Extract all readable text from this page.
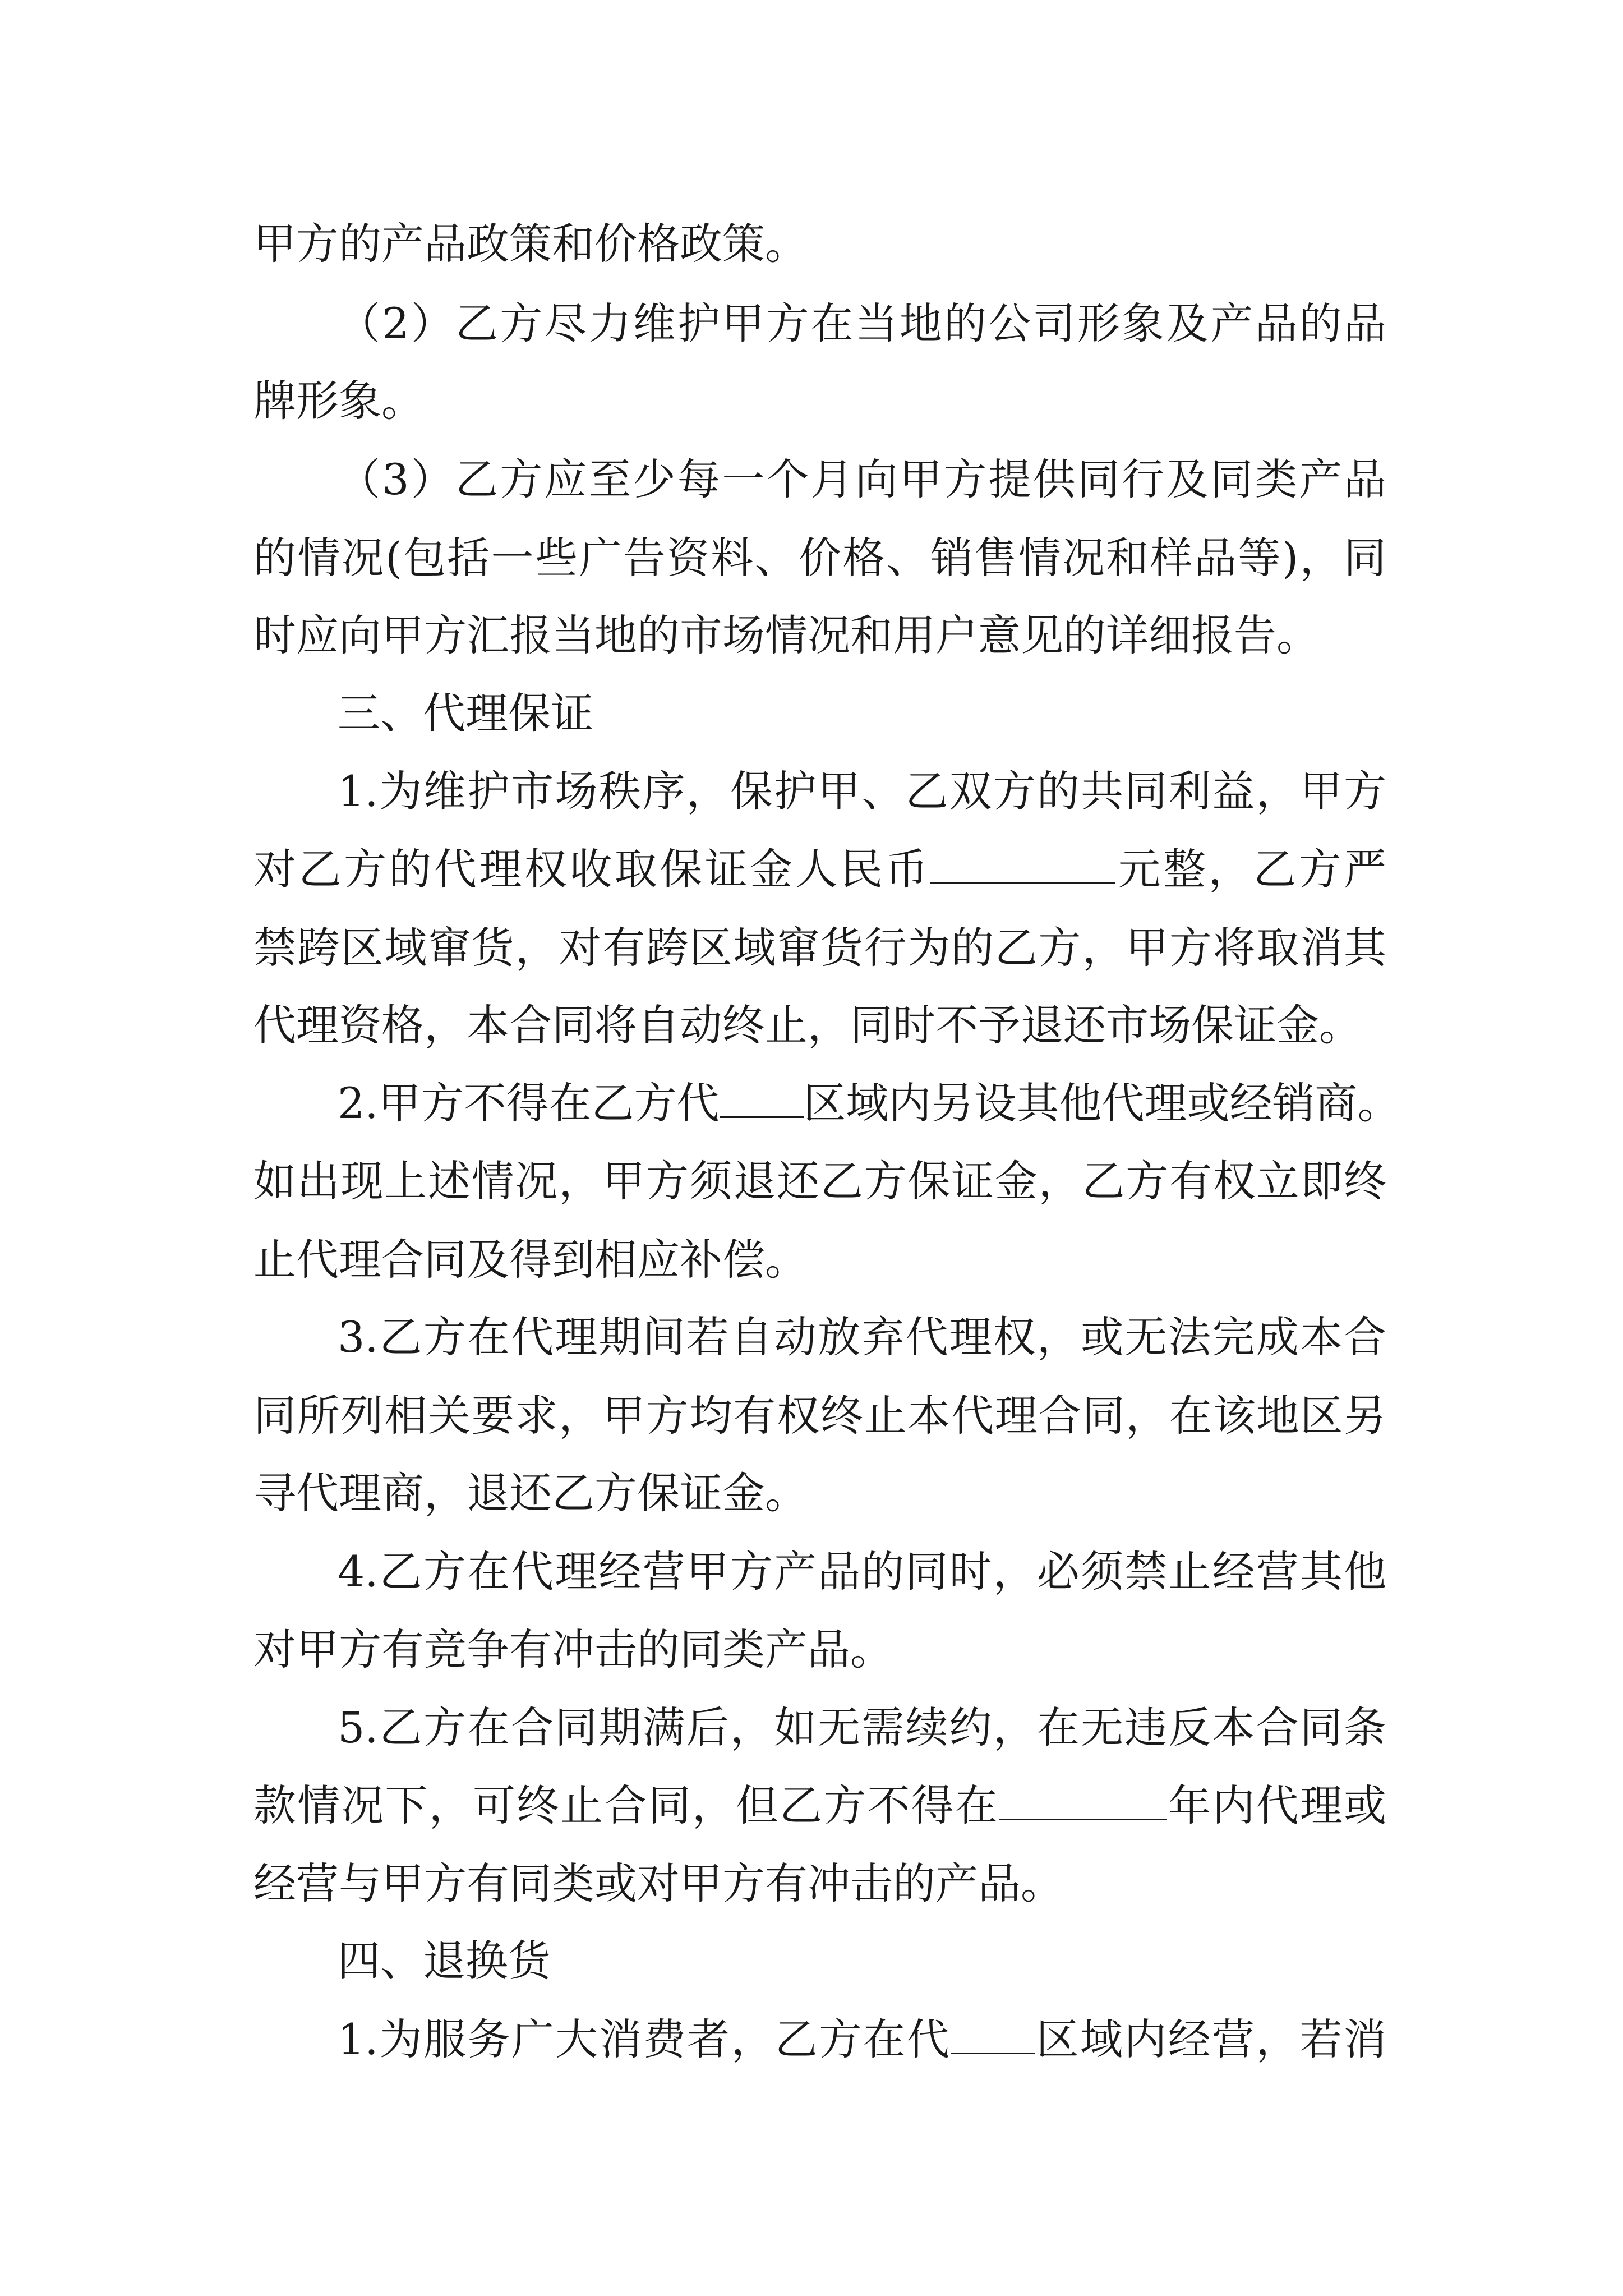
甲方的产品政策和价格政策。
（2）乙方尽力维护甲方在当地的公司形象及产品的品
牌形象。
（3）乙方应至少每一个月向甲方提供同行及同类产品
的情况(包括一些广告资料、价格、销售情况和样品等)，同
时应向甲方汇报当地的市场情况和用户意见的详细报告。
三、代理保证
1.为维护市场秩序，保护甲、乙双方的共同利益，甲方
对乙方的代理权收取保证金人民币	元整，乙方严
禁跨区域窜货，对有跨区域窜货行为的乙方，甲方将取消其
代理资格，本合同将自动终止，同时不予退还市场保证金。
2.甲方不得在乙方代 区域内另设其他代理或经销商。
如出现上述情况，甲方须退还乙方保证金，乙方有权立即终
止代理合同及得到相应补偿。
3.乙方在代理期间若自动放弃代理权，或无法完成本合
同所列相关要求，甲方均有权终止本代理合同，在该地区另
寻代理商，退还乙方保证金。
4.乙方在代理经营甲方产品的同时，必须禁止经营其他
对甲方有竞争有冲击的同类产品。
5.乙方在合同期满后，如无需续约，在无违反本合同条
款情况下，可终止合同，但乙方不得在	年内代理或
经营与甲方有同类或对甲方有冲击的产品。
四、退换货
1.为服务广大消费者，乙方在代 区域内经营，若消
